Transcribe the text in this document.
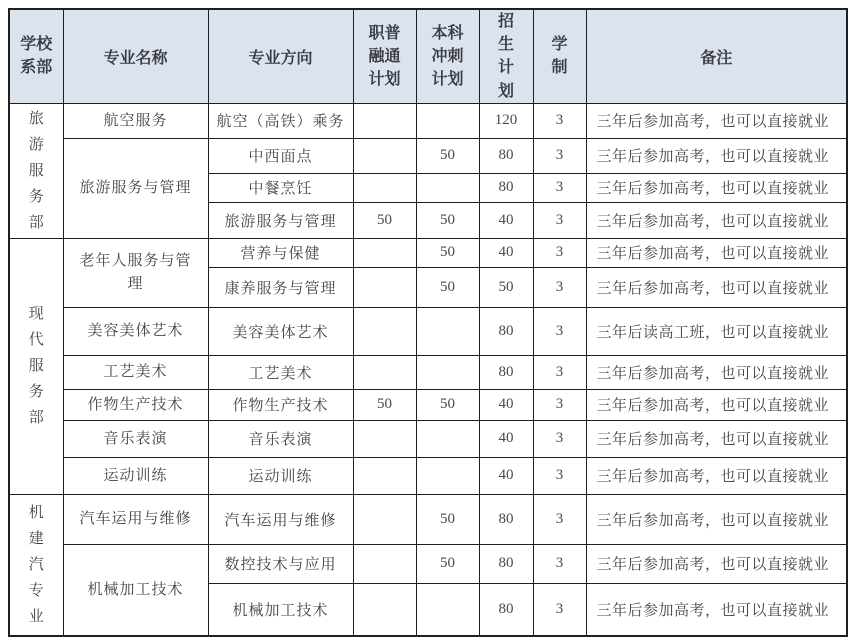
学校系部	专业名称	专业方向	职普融通计划	本科冲刺计划	招生计划	学制	备注
旅游服务部	航空服务	航空（高铁）乘务			120	3	三年后参加高考，也可以直接就业
	旅游服务与管理	中西面点		50	80	3	三年后参加高考，也可以直接就业
		中餐烹饪			80	3	三年后参加高考，也可以直接就业
		旅游服务与管理	50	50	40	3	三年后参加高考，也可以直接就业
现代服务部	老年人服务与管理	营养与保健		50	40	3	三年后参加高考，也可以直接就业
		康养服务与管理		50	50	3	三年后参加高考，也可以直接就业
	美容美体艺术	美容美体艺术			80	3	三年后读高工班，也可以直接就业
	工艺美术	工艺美术			80	3	三年后参加高考，也可以直接就业
	作物生产技术	作物生产技术	50	50	40	3	三年后参加高考，也可以直接就业
	音乐表演	音乐表演			40	3	三年后参加高考，也可以直接就业
	运动训练	运动训练			40	3	三年后参加高考，也可以直接就业
机建汽专业	汽车运用与维修	汽车运用与维修		50	80	3	三年后参加高考，也可以直接就业
	机械加工技术	数控技术与应用		50	80	3	三年后参加高考，也可以直接就业
		机械加工技术			80	3	三年后参加高考，也可以直接就业
